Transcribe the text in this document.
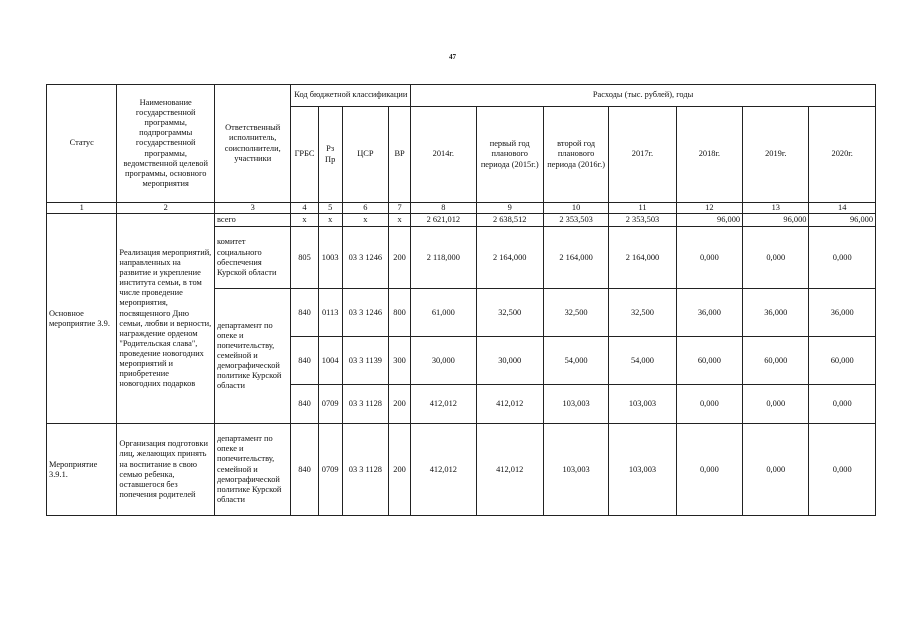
47
Статус	Наименование государственной программы, подпрограммы государственной программы, ведомственной целевой программы, основного мероприятия	Ответственный исполнитель, соисполнители, участники	Код бюджетной классификации				Расходы (тыс. рублей), годы						
			ГРБС	Рз Пр	ЦСР	ВР	2014г.	первый год планового периода (2015г.)	второй год планового периода (2016г.)	2017г.	2018г.	2019г.	2020г.
1	2	3	4	5	6	7	8	9	10	11	12	13	14
Основное мероприятие 3.9.	Реализация мероприятий, направленных на развитие и укрепление института семьи, в том числе проведение мероприятия, посвященного Дню семьи, любви и верности, награждение орденом "Родительская слава", проведение новогодних мероприятий и приобретение новогодних подарков	всего	х	х	х	х	2 621,012	2 638,512	2 353,503	2 353,503	96,000	96,000	96,000
		комитет социального обеспечения Курской области	805	1003	03 3 1246	200	2 118,000	2 164,000	2 164,000	2 164,000	0,000	0,000	0,000
		департамент по опеке и попечительству, семейной и демографической политике Курской области	840	0113	03 3 1246	800	61,000	32,500	32,500	32,500	36,000	36,000	36,000
			840	1004	03 3 1139	300	30,000	30,000	54,000	54,000	60,000	60,000	60,000
			840	0709	03 3 1128	200	412,012	412,012	103,003	103,003	0,000	0,000	0,000
Мероприятие 3.9.1.	Организация подготовки лиц, желающих принять на воспитание в свою семью ребенка, оставшегося без попечения родителей	департамент по опеке и попечительству, семейной и демографической политике Курской области	840	0709	03 3 1128	200	412,012	412,012	103,003	103,003	0,000	0,000	0,000
